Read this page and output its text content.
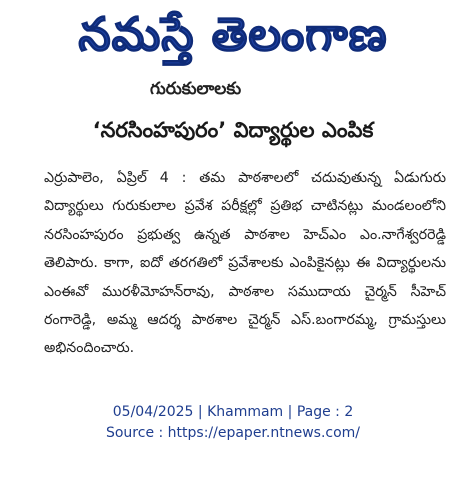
నమస్తే తెలంగాణ
గురుకులాలకు
‘నరసింహపురం’ విద్యార్థుల ఎంపిక

ఎర్రుపాలెం, ఏప్రిల్ 4 : తమ పాఠశాలలో చదువుతున్న ఏడుగురు విద్యార్థులు గురుకులాల ప్రవేశ పరీక్షల్లో ప్రతిభ చాటినట్లు మండలంలోని నరసింహపురం ప్రభుత్వ ఉన్నత పాఠశాల హెచ్ఎం ఎం.నాగేశ్వరరెడ్డి తెలిపారు. కాగా, ఐదో తరగతిలో ప్రవేశాలకు ఎంపికైనట్లు ఈ విద్యార్థులను ఎంఈవో మురళీమోహన్‌రావు, పాఠశాల సముదాయ చైర్మన్ సీహెచ్ రంగారెడ్డి, అమ్మ ఆదర్శ పాఠశాల చైర్మన్ ఎస్.బంగారమ్మ, గ్రామస్తులు అభినందించారు.

05/04/2025 | Khammam | Page : 2
Source : https://epaper.ntnews.com/
